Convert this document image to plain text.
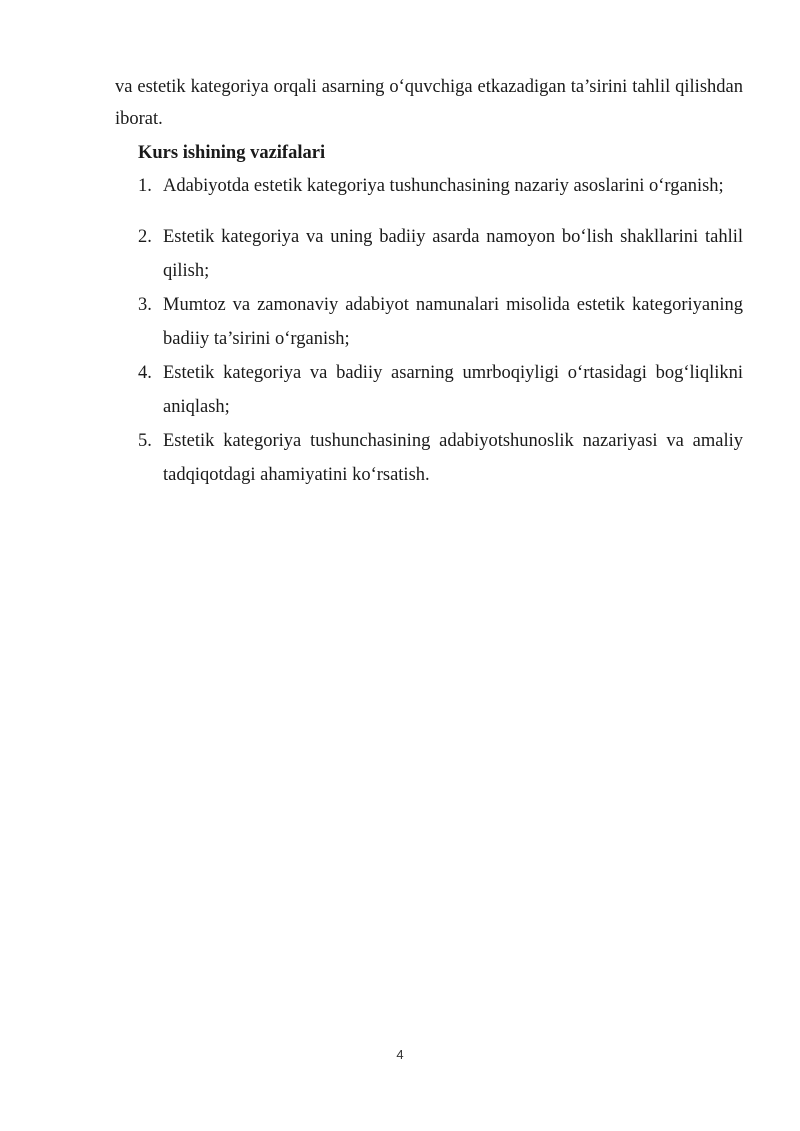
va estetik kategoriya orqali asarning o‘quvchiga etkazadigan ta’sirini tahlil qilishdan iborat.

Kurs ishining vazifalari

1. Adabiyotda estetik kategoriya tushunchasining nazariy asoslarini o‘rganish;
2. Estetik kategoriya va uning badiiy asarda namoyon bo‘lish shakllarini tahlil qilish;
3. Mumtoz va zamonaviy adabiyot namunalari misolida estetik kategoriyaning badiiy ta’sirini o‘rganish;
4. Estetik kategoriya va badiiy asarning umrboqiyligi o‘rtasidagi bog‘liqlikni aniqlash;
5. Estetik kategoriya tushunchasining adabiyotshunoslik nazariyasi va amaliy tadqiqotdagi ahamiyatini ko‘rsatish.
4
